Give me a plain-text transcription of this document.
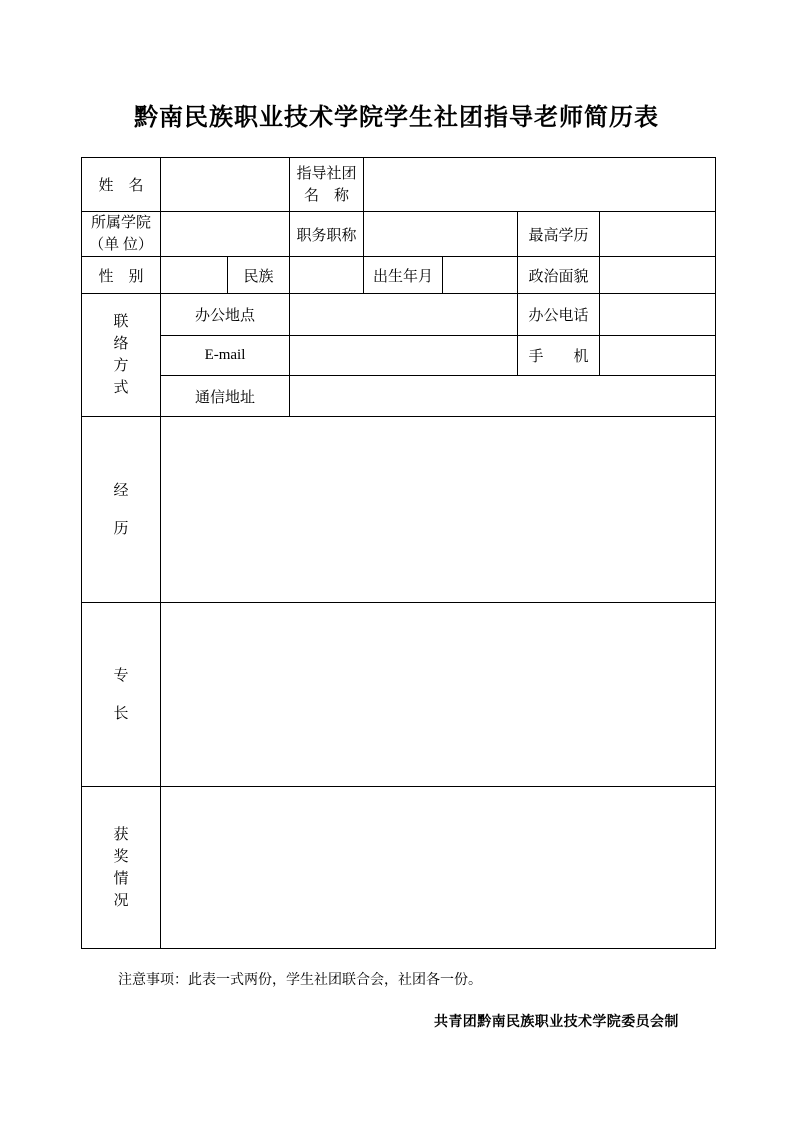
黔南民族职业技术学院学生社团指导老师简历表
姓　名			指导社团
名　称				

所属学院
（单 位）			职务职称			最高学历	
性　别		民族		出生年月		政治面貌	
联络方式	办公地点					办公电话	
	E-mail					手　　机	
	通信地址						
经历							
专长							
获奖情况							
注意事项：此表一式两份，学生社团联合会，社团各一份。
共青团黔南民族职业技术学院委员会制
